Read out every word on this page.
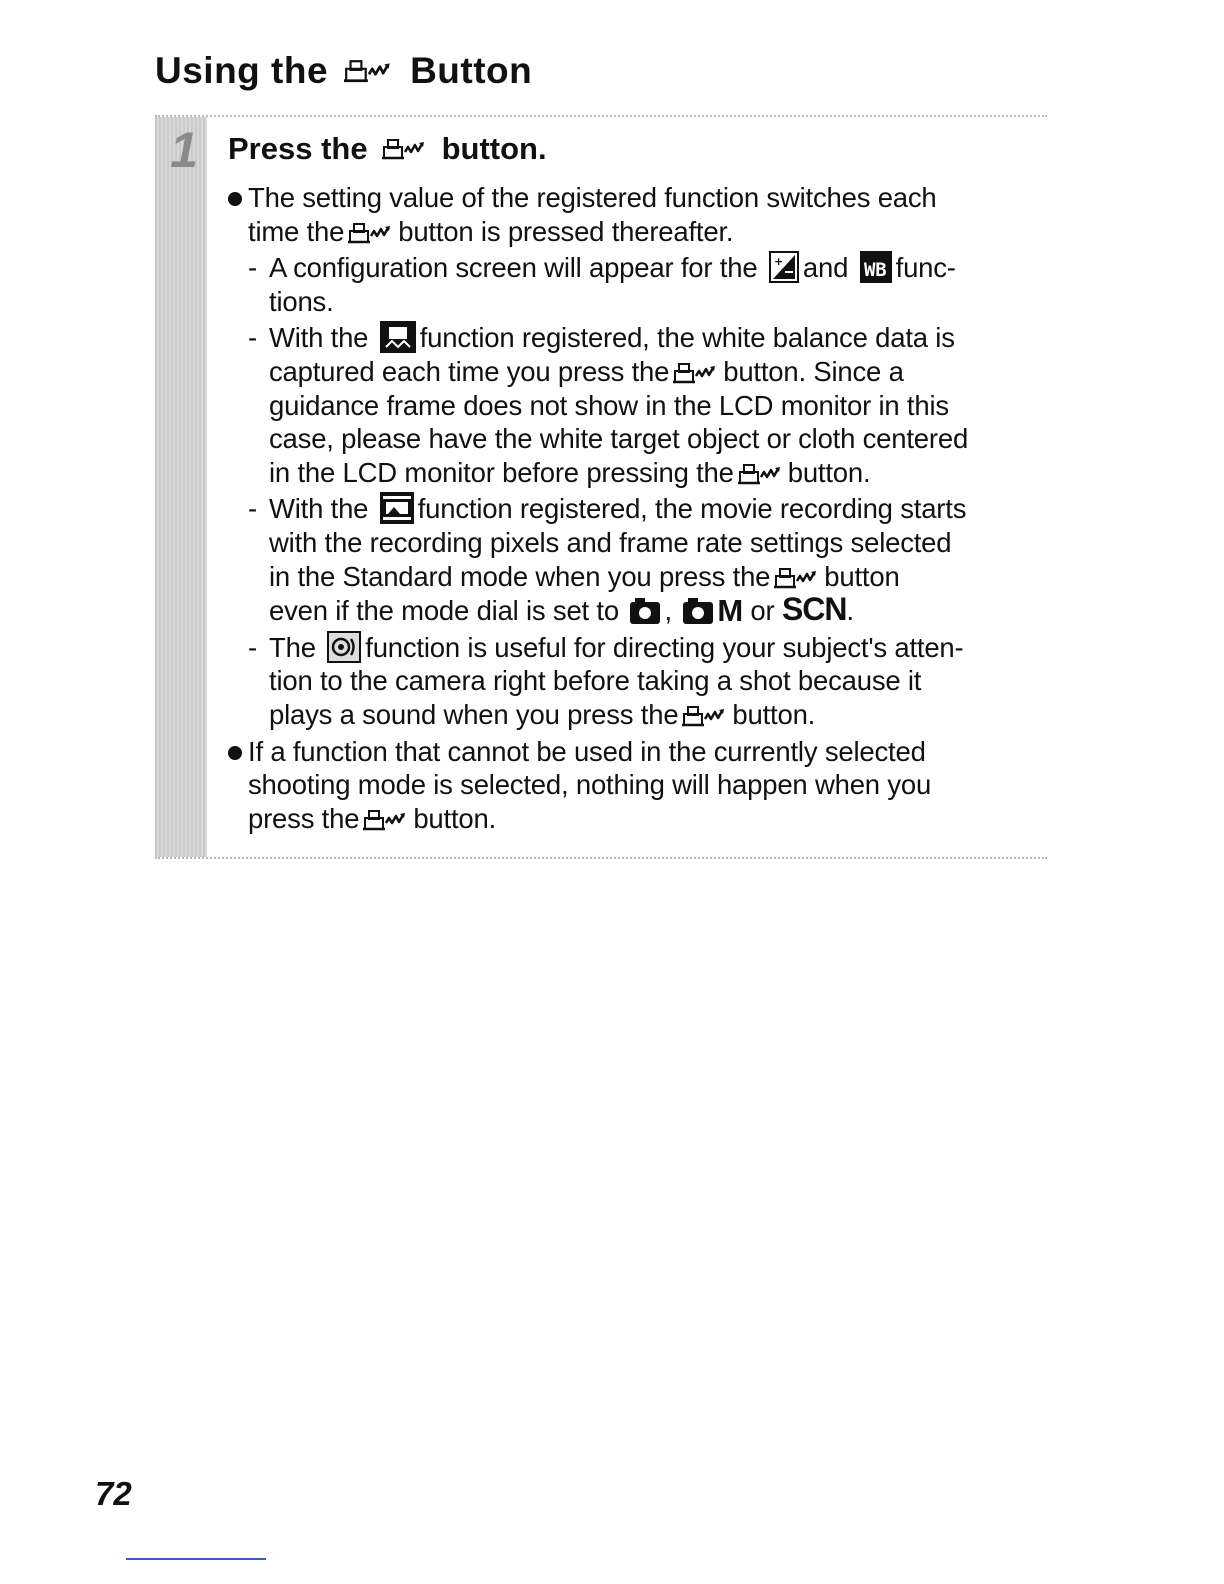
Using the Button
1 Press the button.
The setting value of the registered function switches each
time the button is pressed thereafter.
- A configuration screen will appear for the + and WB func-
tions.
- With the function registered, the white balance data is
captured each time you press the button. Since a
guidance frame does not show in the LCD monitor in this
case, please have the white target object or cloth centered
in the LCD monitor before pressing the button.
- With the function registered, the movie recording starts
with the recording pixels and frame rate settings selected
in the Standard mode when you press the button
even if the mode dial is set to , M or SCN.
- The function is useful for directing your subject's atten-
tion to the camera right before taking a shot because it
plays a sound when you press the button.
If a function that cannot be used in the currently selected
shooting mode is selected, nothing will happen when you
press the button.
72
